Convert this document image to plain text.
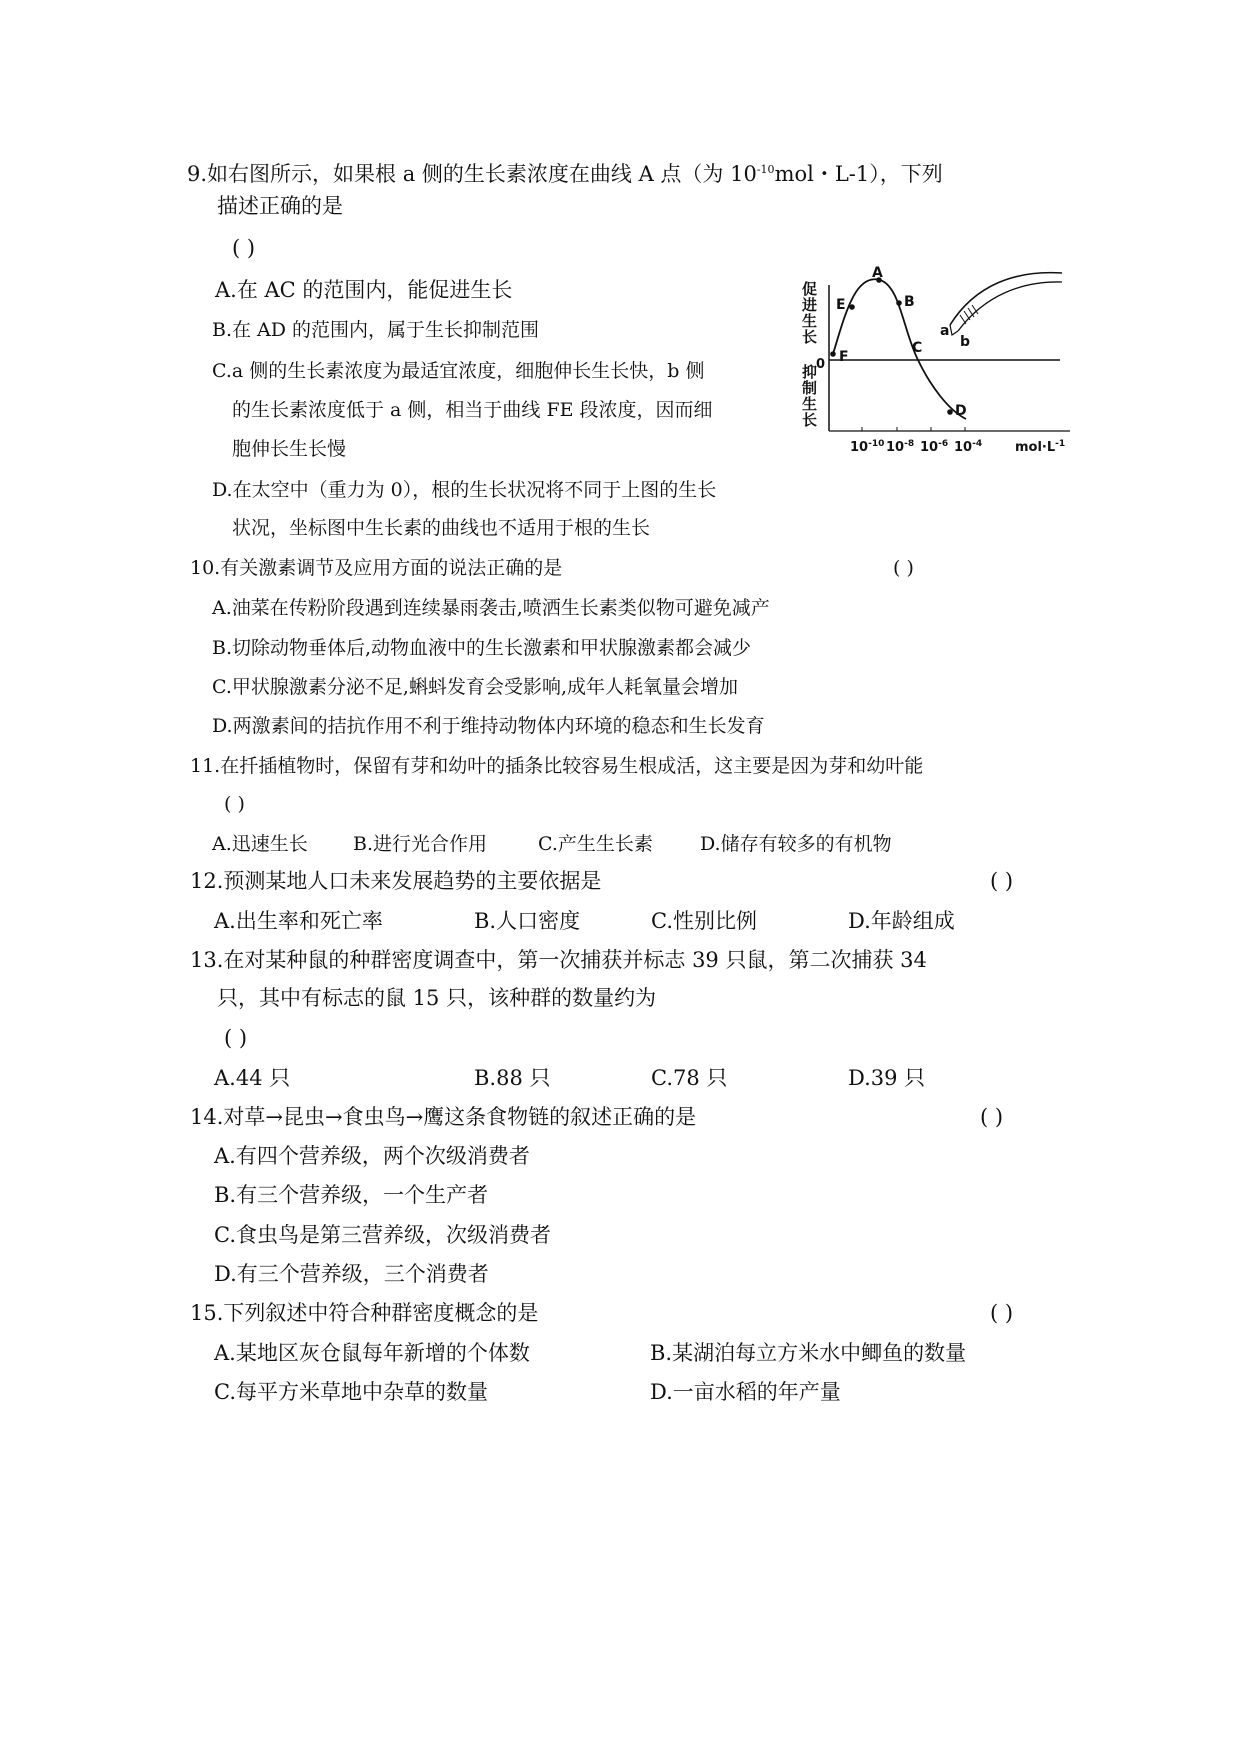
9.如右图所示，如果根 a 侧的生长素浓度在曲线 A 点（为 $10^{-10}mol$・L-1），下列
描述正确的是
( )
A.在 AC 的范围内，能促进生长
B.在 AD 的范围内，属于生长抑制范围
C.a 侧的生长素浓度为最适宜浓度，细胞伸长生长快，b 侧
的生长素浓度低于 a 侧，相当于曲线 FE 段浓度，因而细
胞伸长生长慢
D.在太空中（重力为 0），根的生长状况将不同于上图的生长
状况，坐标图中生长素的曲线也不适用于根的生长
促
进
生
长
抑
制
生
长
0
E
A
B
F
C
D
a
b
$10^{-10}$ $10^{-8}$ $10^{-6}$ $10^{-4}$	$mol\cdot L^{-1}$
10.有关激素调节及应用方面的说法正确的是	( )
A.油菜在传粉阶段遇到连续暴雨袭击,喷洒生长素类似物可避免减产
B.切除动物垂体后,动物血液中的生长激素和甲状腺激素都会减少
C.甲状腺激素分泌不足,蝌蚪发育会受影响,成年人耗氧量会增加
D.两激素间的拮抗作用不利于维持动物体内环境的稳态和生长发育
11.在扦插植物时，保留有芽和幼叶的插条比较容易生根成活，这主要是因为芽和幼叶能
( )
A.迅速生长 B.进行光合作用	C.产生生长素 D.储存有较多的有机物
12.预测某地人口未来发展趋势的主要依据是	( )
A.出生率和死亡率	B.人口密度	C.性别比例	D.年龄组成
13.在对某种鼠的种群密度调查中，第一次捕获并标志 39 只鼠，第二次捕获 34
只，其中有标志的鼠 15 只，该种群的数量约为
( )
A.44 只	B.88 只	C.78 只	D.39 只
14.对草→昆虫→食虫鸟→鹰这条食物链的叙述正确的是	( )
A.有四个营养级，两个次级消费者
B.有三个营养级，一个生产者
C.食虫鸟是第三营养级，次级消费者
D.有三个营养级，三个消费者
15.下列叙述中符合种群密度概念的是	( )
A.某地区灰仓鼠每年新增的个体数	B.某湖泊每立方米水中鲫鱼的数量
C.每平方米草地中杂草的数量	D.一亩水稻的年产量
